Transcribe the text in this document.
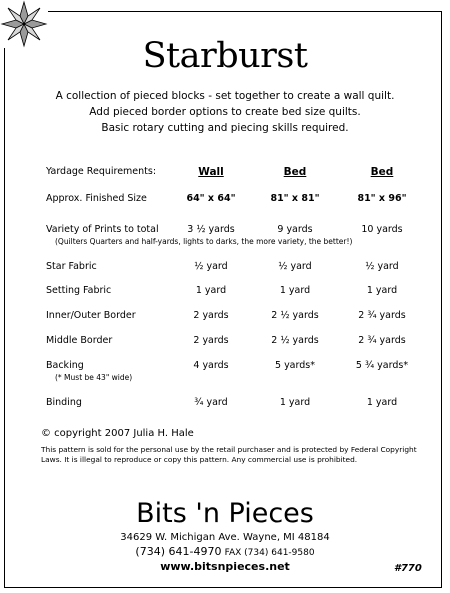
Starburst
A collection of pieced blocks - set together to create a wall quilt.
Add pieced border options to create bed size quilts.
Basic rotary cutting and piecing skills required.
Yardage Requirements:	Wall	Bed	Bed
Approx. Finished Size	64" x 64"	81" x 81"	81" x 96"
Variety of Prints to total	3 ½ yards	9 yards	10 yards
(Quilters Quarters and half-yards, lights to darks, the more variety, the better!)
Star Fabric	½ yard	½ yard	½ yard
Setting Fabric	1 yard	1 yard	1 yard
Inner/Outer Border	2 yards	2 ½ yards	2 ¾ yards
Middle Border	2 yards	2 ½ yards	2 ¾ yards
Backing	4 yards	5 yards*	5 ¾ yards*
(* Must be 43" wide)
Binding	¾ yard	1 yard	1 yard
© copyright 2007 Julia H. Hale
This pattern is sold for the personal use by the retail purchaser and is protected by Federal Copyright Laws. It is illegal to reproduce or copy this pattern. Any commercial use is prohibited.
Bits 'n Pieces
34629 W. Michigan Ave. Wayne, MI 48184
(734) 641-4970 FAX (734) 641-9580
www.bitsnpieces.net	#770
